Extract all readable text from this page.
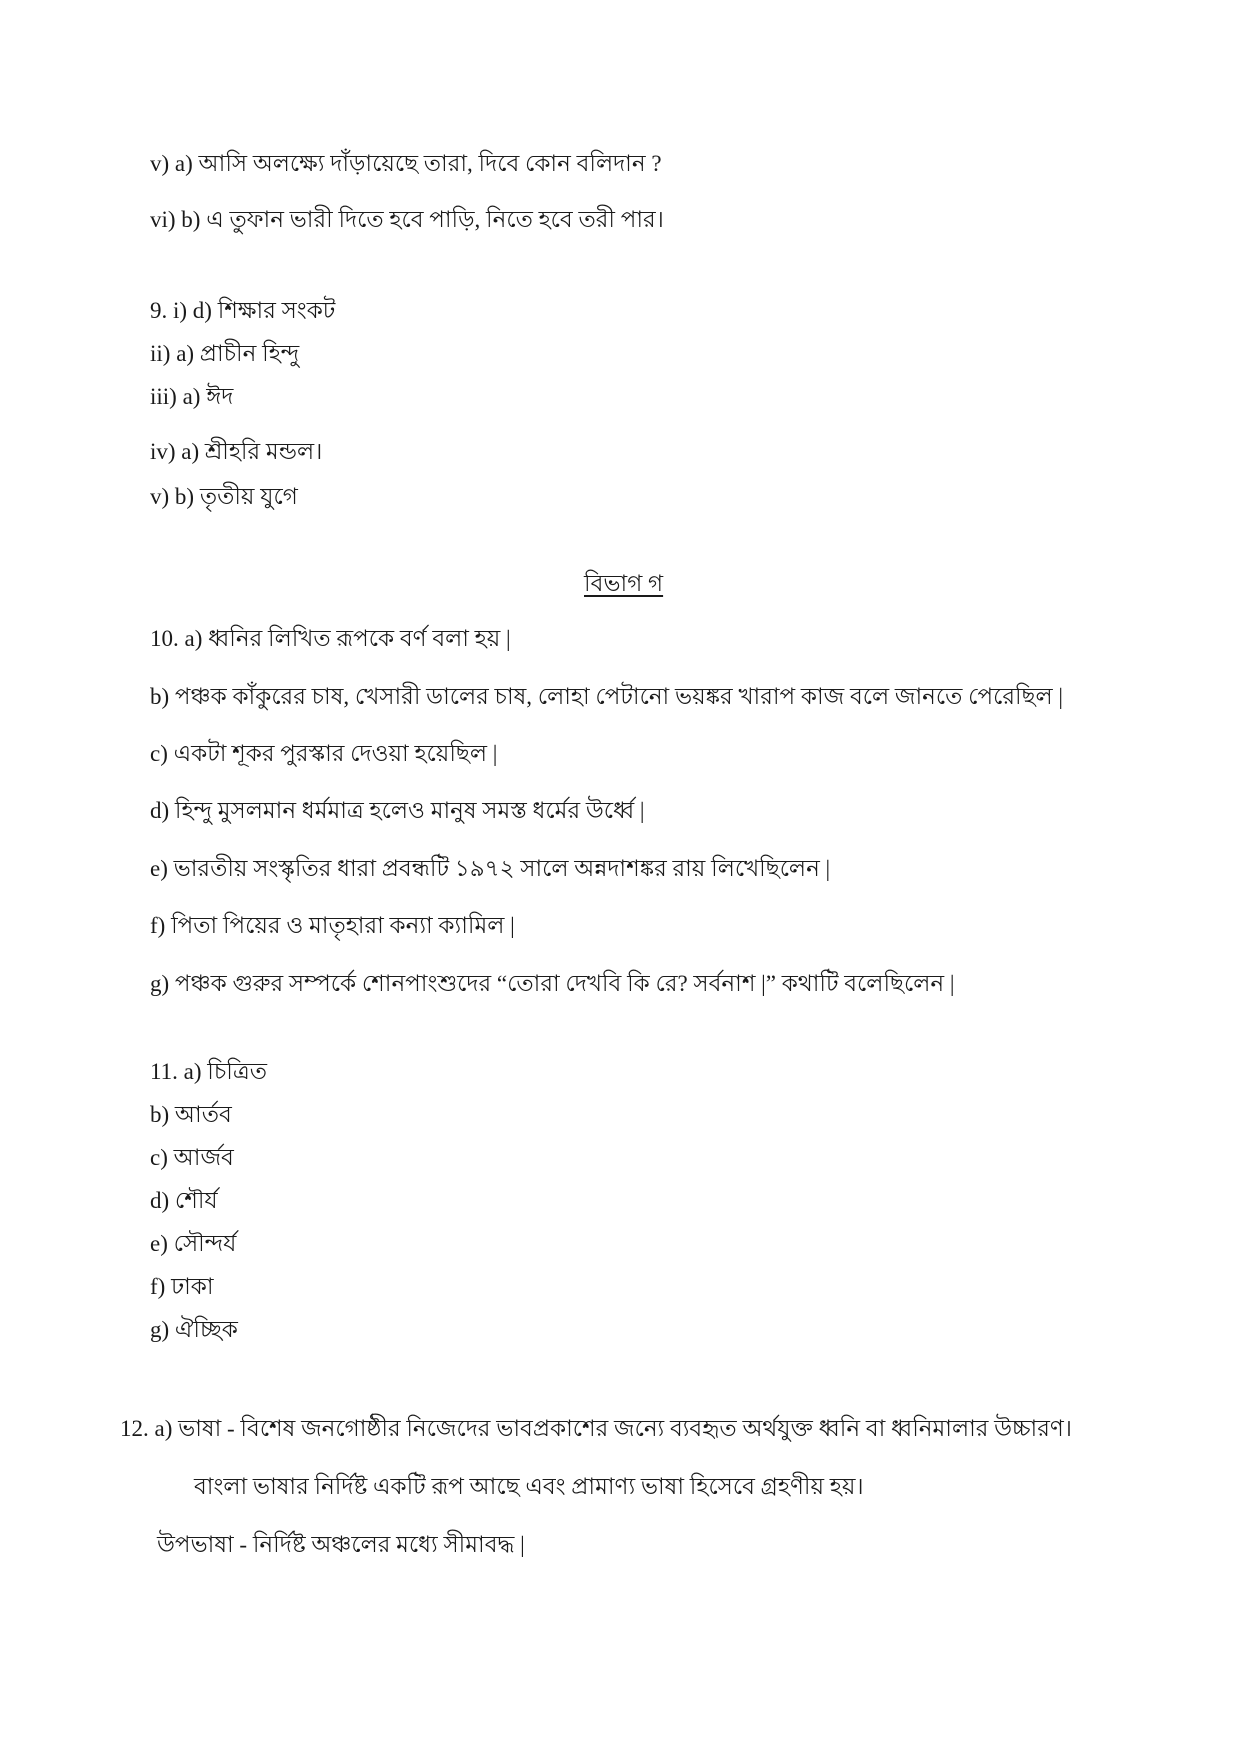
v) a) আসি অলক্ষ্যে দাঁড়ায়েছে তারা, দিবে কোন বলিদান ?
vi) b) এ তুফান ভারী দিতে হবে পাড়ি, নিতে হবে তরী পার।
9. i) d) শিক্ষার সংকট
ii) a) প্রাচীন হিন্দু
iii) a) ঈদ
iv) a) শ্রীহরি মন্ডল।
v) b) তৃতীয় যুগে
বিভাগ গ
10. a) ধ্বনির লিখিত রূপকে বর্ণ বলা হয় |
b) পঞ্চক কাঁকুরের চাষ, খেসারী ডালের চাষ, লোহা পেটানো ভয়ঙ্কর খারাপ কাজ বলে জানতে পেরেছিল |
c) একটা শূকর পুরস্কার দেওয়া হয়েছিল |
d) হিন্দু মুসলমান ধর্মমাত্র হলেও মানুষ সমস্ত ধর্মের উর্ধ্বে |
e) ভারতীয় সংস্কৃতির ধারা প্রবন্ধটি ১৯৭২ সালে অন্নদাশঙ্কর রায় লিখেছিলেন |
f) পিতা পিয়ের ও মাতৃহারা কন্যা ক্যামিল |
g) পঞ্চক গুরুর সম্পর্কে শোনপাংশুদের “তোরা দেখবি কি রে? সর্বনাশ |” কথাটি বলেছিলেন |
11. a) চিত্রিত
b) আর্তব
c) আর্জব
d) শৌর্য
e) সৌন্দর্য
f) ঢাকা
g) ঐচ্ছিক
12. a) ভাষা - বিশেষ জনগোষ্ঠীর নিজেদের ভাবপ্রকাশের জন্যে ব্যবহৃত অর্থযুক্ত ধ্বনি বা ধ্বনিমালার উচ্চারণ।
বাংলা ভাষার নির্দিষ্ট একটি রূপ আছে এবং প্রামাণ্য ভাষা হিসেবে গ্রহণীয় হয়।
উপভাষা - নির্দিষ্ট অঞ্চলের মধ্যে সীমাবদ্ধ |
